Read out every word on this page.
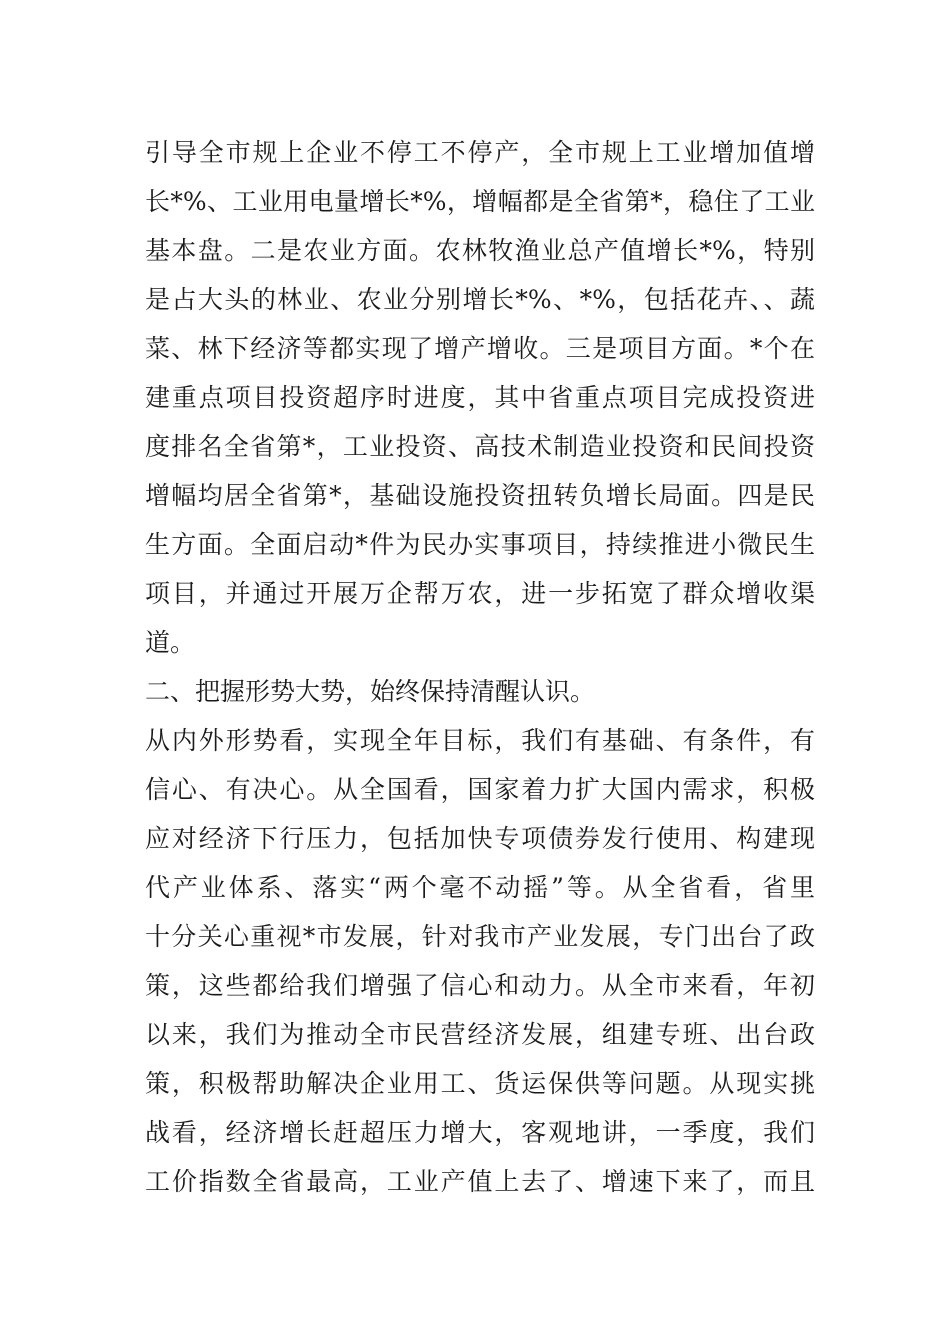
引导全市规上企业不停工不停产，全市规上工业增加值增
长*%、工业用电量增长*%，增幅都是全省第*，稳住了工业
基本盘。二是农业方面。农林牧渔业总产值增长*%，特别
是占大头的林业、农业分别增长*%、*%，包括花卉、、蔬
菜、林下经济等都实现了增产增收。三是项目方面。*个在
建重点项目投资超序时进度，其中省重点项目完成投资进
度排名全省第*，工业投资、高技术制造业投资和民间投资
增幅均居全省第*，基础设施投资扭转负增长局面。四是民
生方面。全面启动*件为民办实事项目，持续推进小微民生
项目，并通过开展万企帮万农，进一步拓宽了群众增收渠
道。
二、把握形势大势，始终保持清醒认识。
从内外形势看，实现全年目标，我们有基础、有条件，有
信心、有决心。从全国看，国家着力扩大国内需求，积极
应对经济下行压力，包括加快专项债券发行使用、构建现
代产业体系、落实“两个毫不动摇”等。从全省看，省里
十分关心重视*市发展，针对我市产业发展，专门出台了政
策，这些都给我们增强了信心和动力。从全市来看，年初
以来，我们为推动全市民营经济发展，组建专班、出台政
策，积极帮助解决企业用工、货运保供等问题。从现实挑
战看，经济增长赶超压力增大，客观地讲，一季度，我们
工价指数全省最高，工业产值上去了、增速下来了，而且
